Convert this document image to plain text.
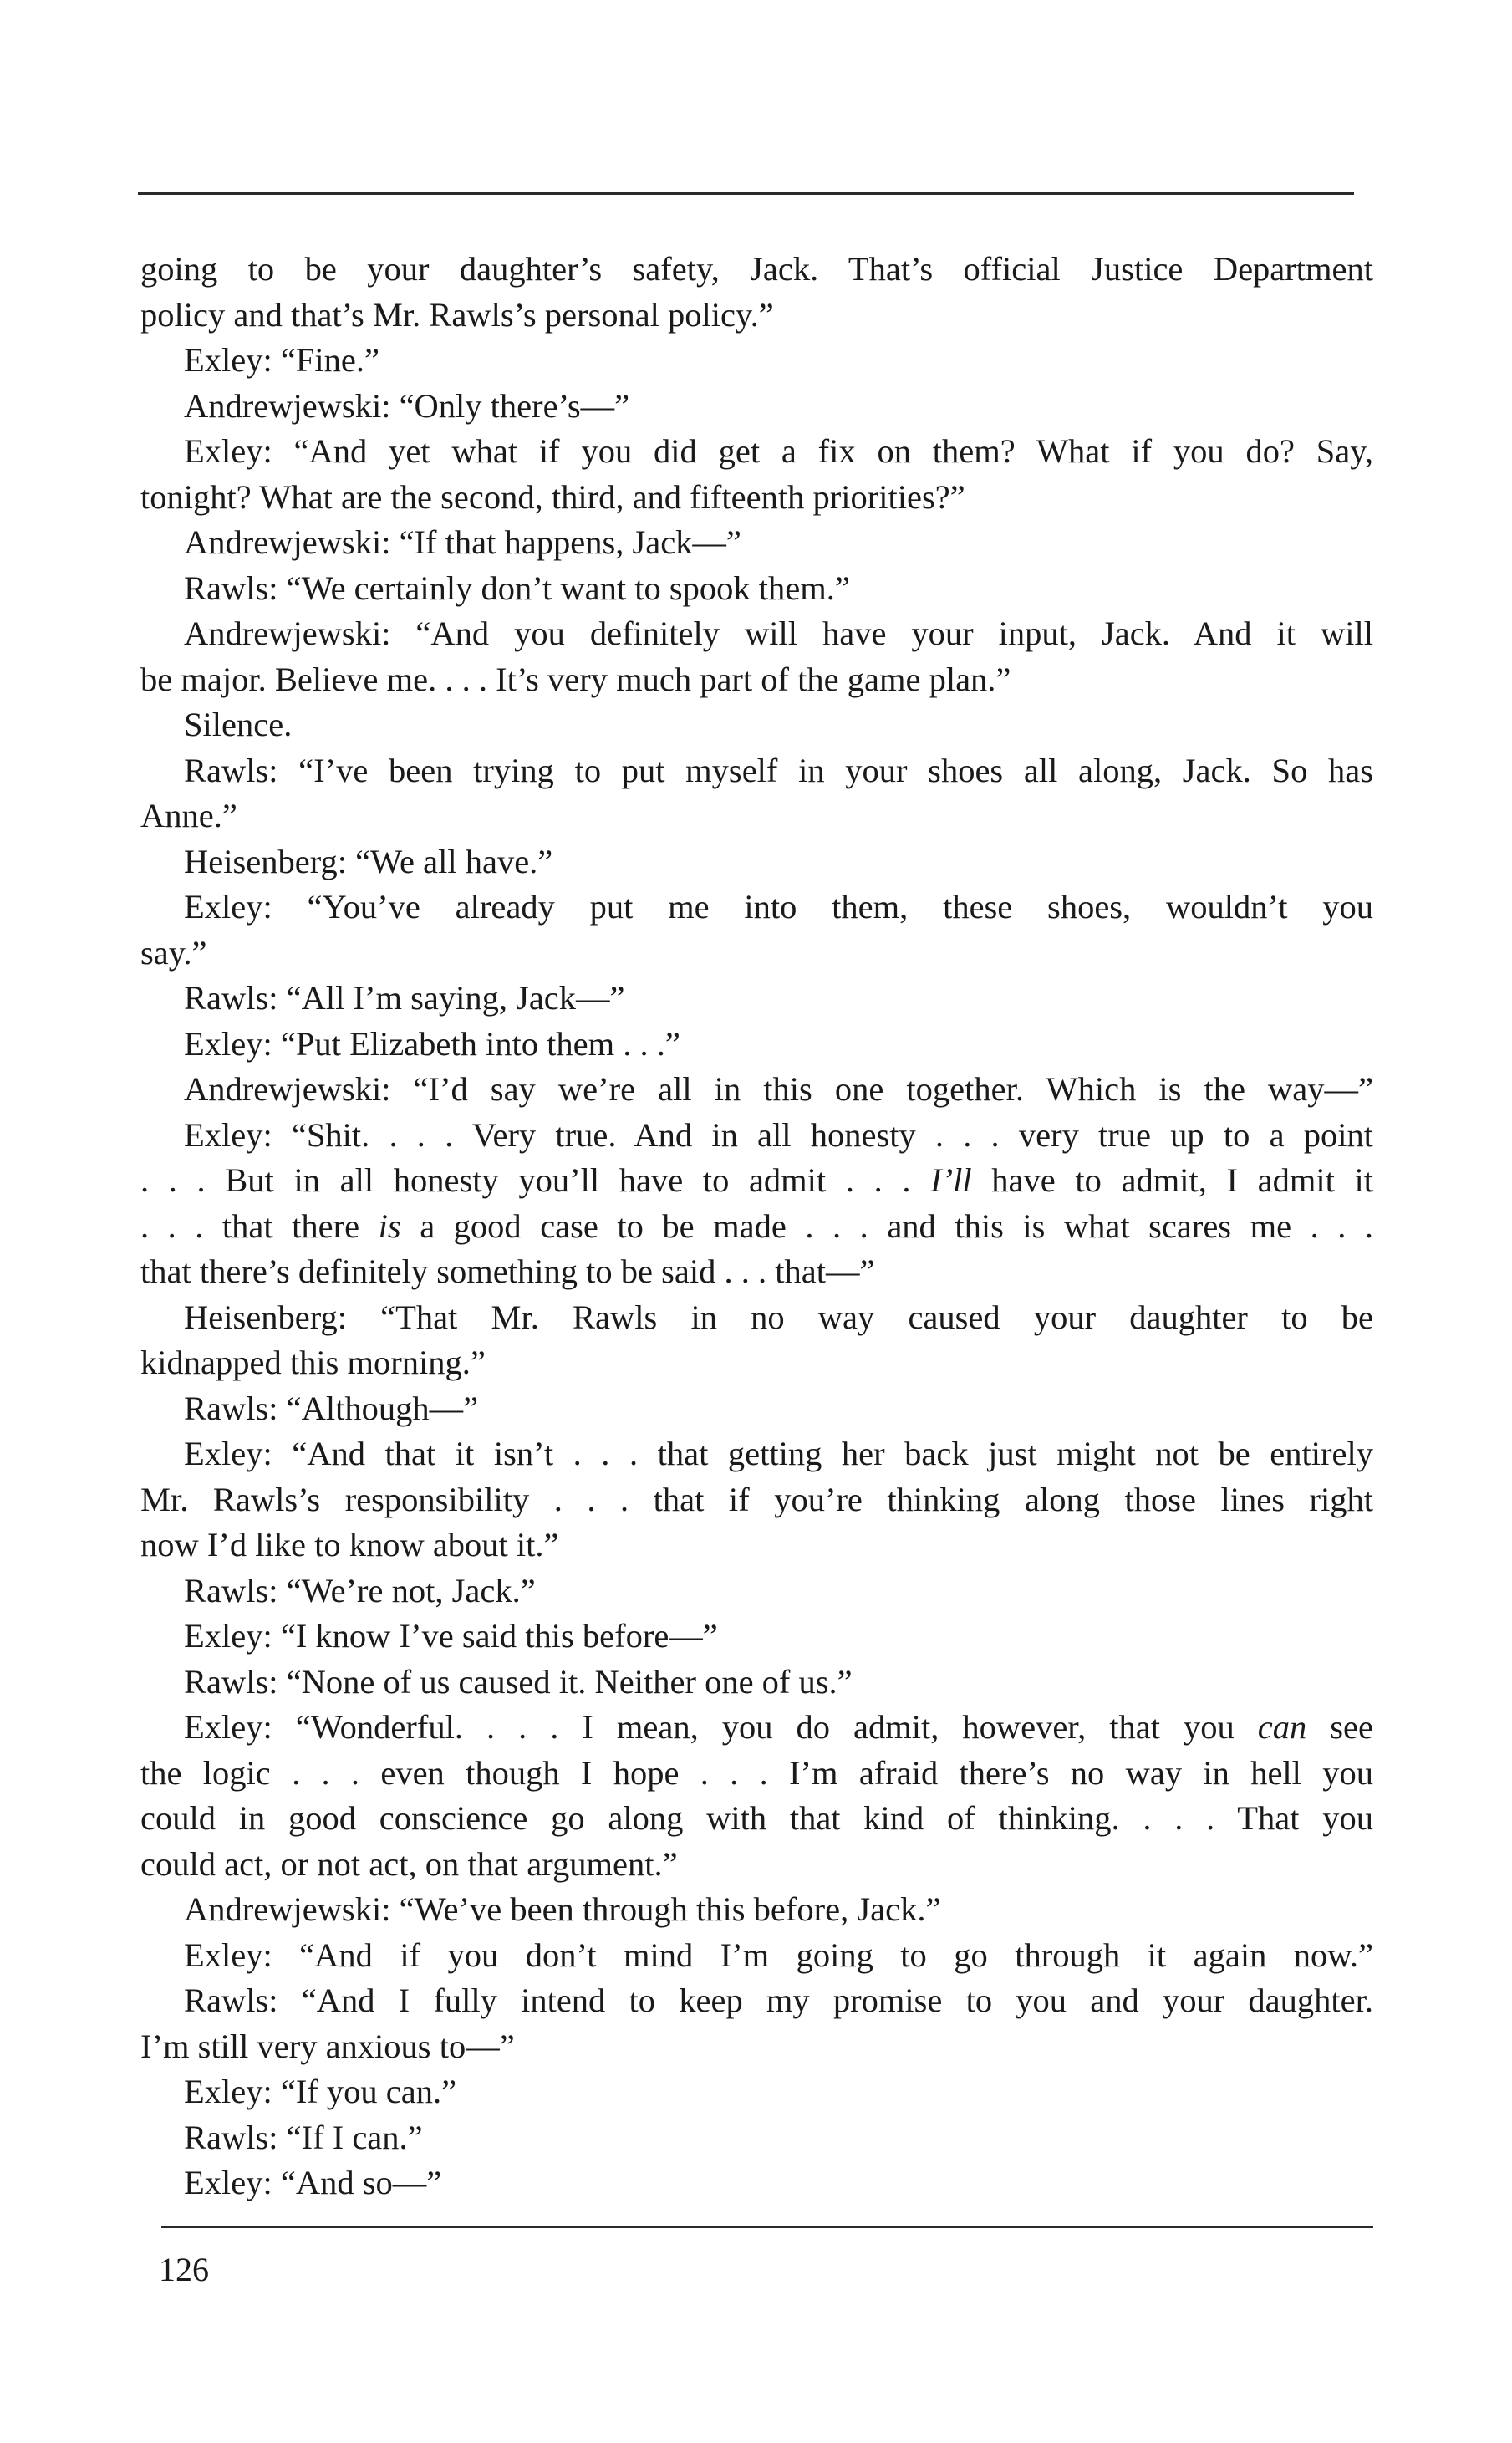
going to be your daughter’s safety, Jack. That’s official Justice Department
policy and that’s Mr. Rawls’s personal policy.”
Exley: “Fine.”
Andrewjewski: “Only there’s—”
Exley: “And yet what if you did get a fix on them? What if you do? Say,
tonight? What are the second, third, and fifteenth priorities?”
Andrewjewski: “If that happens, Jack—”
Rawls: “We certainly don’t want to spook them.”
Andrewjewski: “And you definitely will have your input, Jack. And it will
be major. Believe me. . . . It’s very much part of the game plan.”
Silence.
Rawls: “I’ve been trying to put myself in your shoes all along, Jack. So has
Anne.”
Heisenberg: “We all have.”
Exley: “You’ve already put me into them, these shoes, wouldn’t you
say.”
Rawls: “All I’m saying, Jack—”
Exley: “Put Elizabeth into them . . .”
Andrewjewski: “I’d say we’re all in this one together. Which is the way—”
Exley: “Shit. . . . Very true. And in all honesty . . . very true up to a point
. . . But in all honesty you’ll have to admit . . . I’ll have to admit, I admit it
. . . that there is a good case to be made . . . and this is what scares me . . .
that there’s definitely something to be said . . . that—”
Heisenberg: “That Mr. Rawls in no way caused your daughter to be
kidnapped this morning.”
Rawls: “Although—”
Exley: “And that it isn’t . . . that getting her back just might not be entirely
Mr. Rawls’s responsibility . . . that if you’re thinking along those lines right
now I’d like to know about it.”
Rawls: “We’re not, Jack.”
Exley: “I know I’ve said this before—”
Rawls: “None of us caused it. Neither one of us.”
Exley: “Wonderful. . . . I mean, you do admit, however, that you can see
the logic . . . even though I hope . . . I’m afraid there’s no way in hell you
could in good conscience go along with that kind of thinking. . . . That you
could act, or not act, on that argument.”
Andrewjewski: “We’ve been through this before, Jack.”
Exley: “And if you don’t mind I’m going to go through it again now.”
Rawls: “And I fully intend to keep my promise to you and your daughter.
I’m still very anxious to—”
Exley: “If you can.”
Rawls: “If I can.”
Exley: “And so—”
126
